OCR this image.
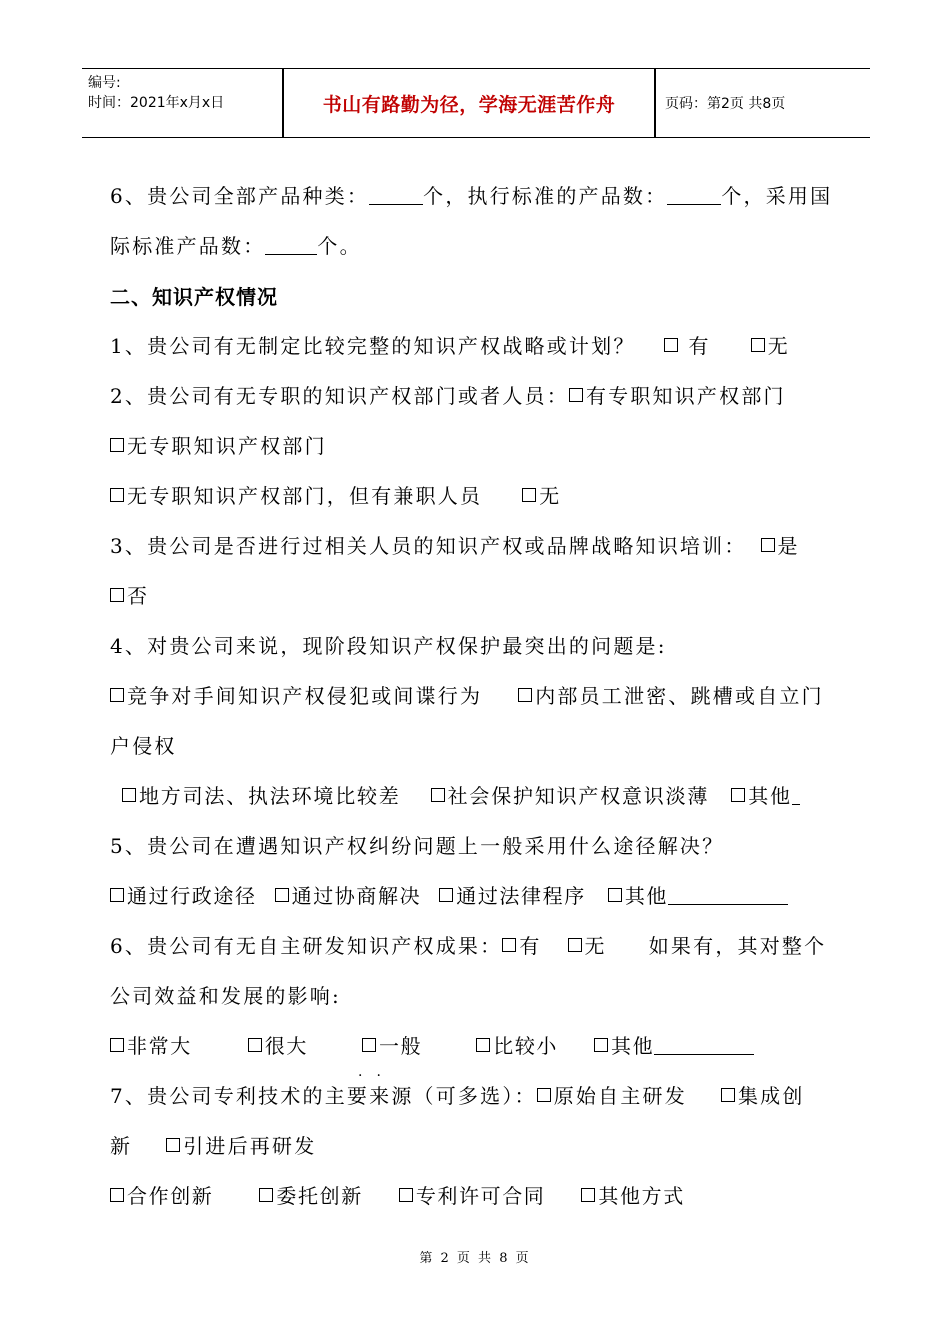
编号:
时间：2021年x月x日	书山有路勤为径，学海无涯苦作舟	页码：第2页 共8页
6、贵公司全部产品种类：	个，执行标准的产品数：	个，采用国
际标准产品数：	个。
二、知识产权情况
1、贵公司有无制定比较完整的知识产权战略或计划？	有	无
2、贵公司有无专职的知识产权部门或者人员： 有专职知识产权部门
无专职知识产权部门
无专职知识产权部门，但有兼职人员	无
3、贵公司是否进行过相关人员的知识产权或品牌战略知识培训： 是
否
4、对贵公司来说，现阶段知识产权保护最突出的问题是:
竞争对手间知识产权侵犯或间谍行为	内部员工泄密、跳槽或自立门
户侵权
地方司法、执法环境比较差 社会保护知识产权意识淡薄 其他
5、贵公司在遭遇知识产权纠纷问题上一般采用什么途径解决？
通过行政途径 通过协商解决 通过法律程序 其他
6、贵公司有无自主研发知识产权成果： 有 无 如果有，其对整个
公司效益和发展的影响:
非常大	很大	一般	比较小	其他
··
7、贵公司专利技术的主要来源（可多选）： 原始自主研发	集成创
新	引进后再研发
合作创新	委托创新	专利许可合同	其他方式
第 2 页 共 8 页
